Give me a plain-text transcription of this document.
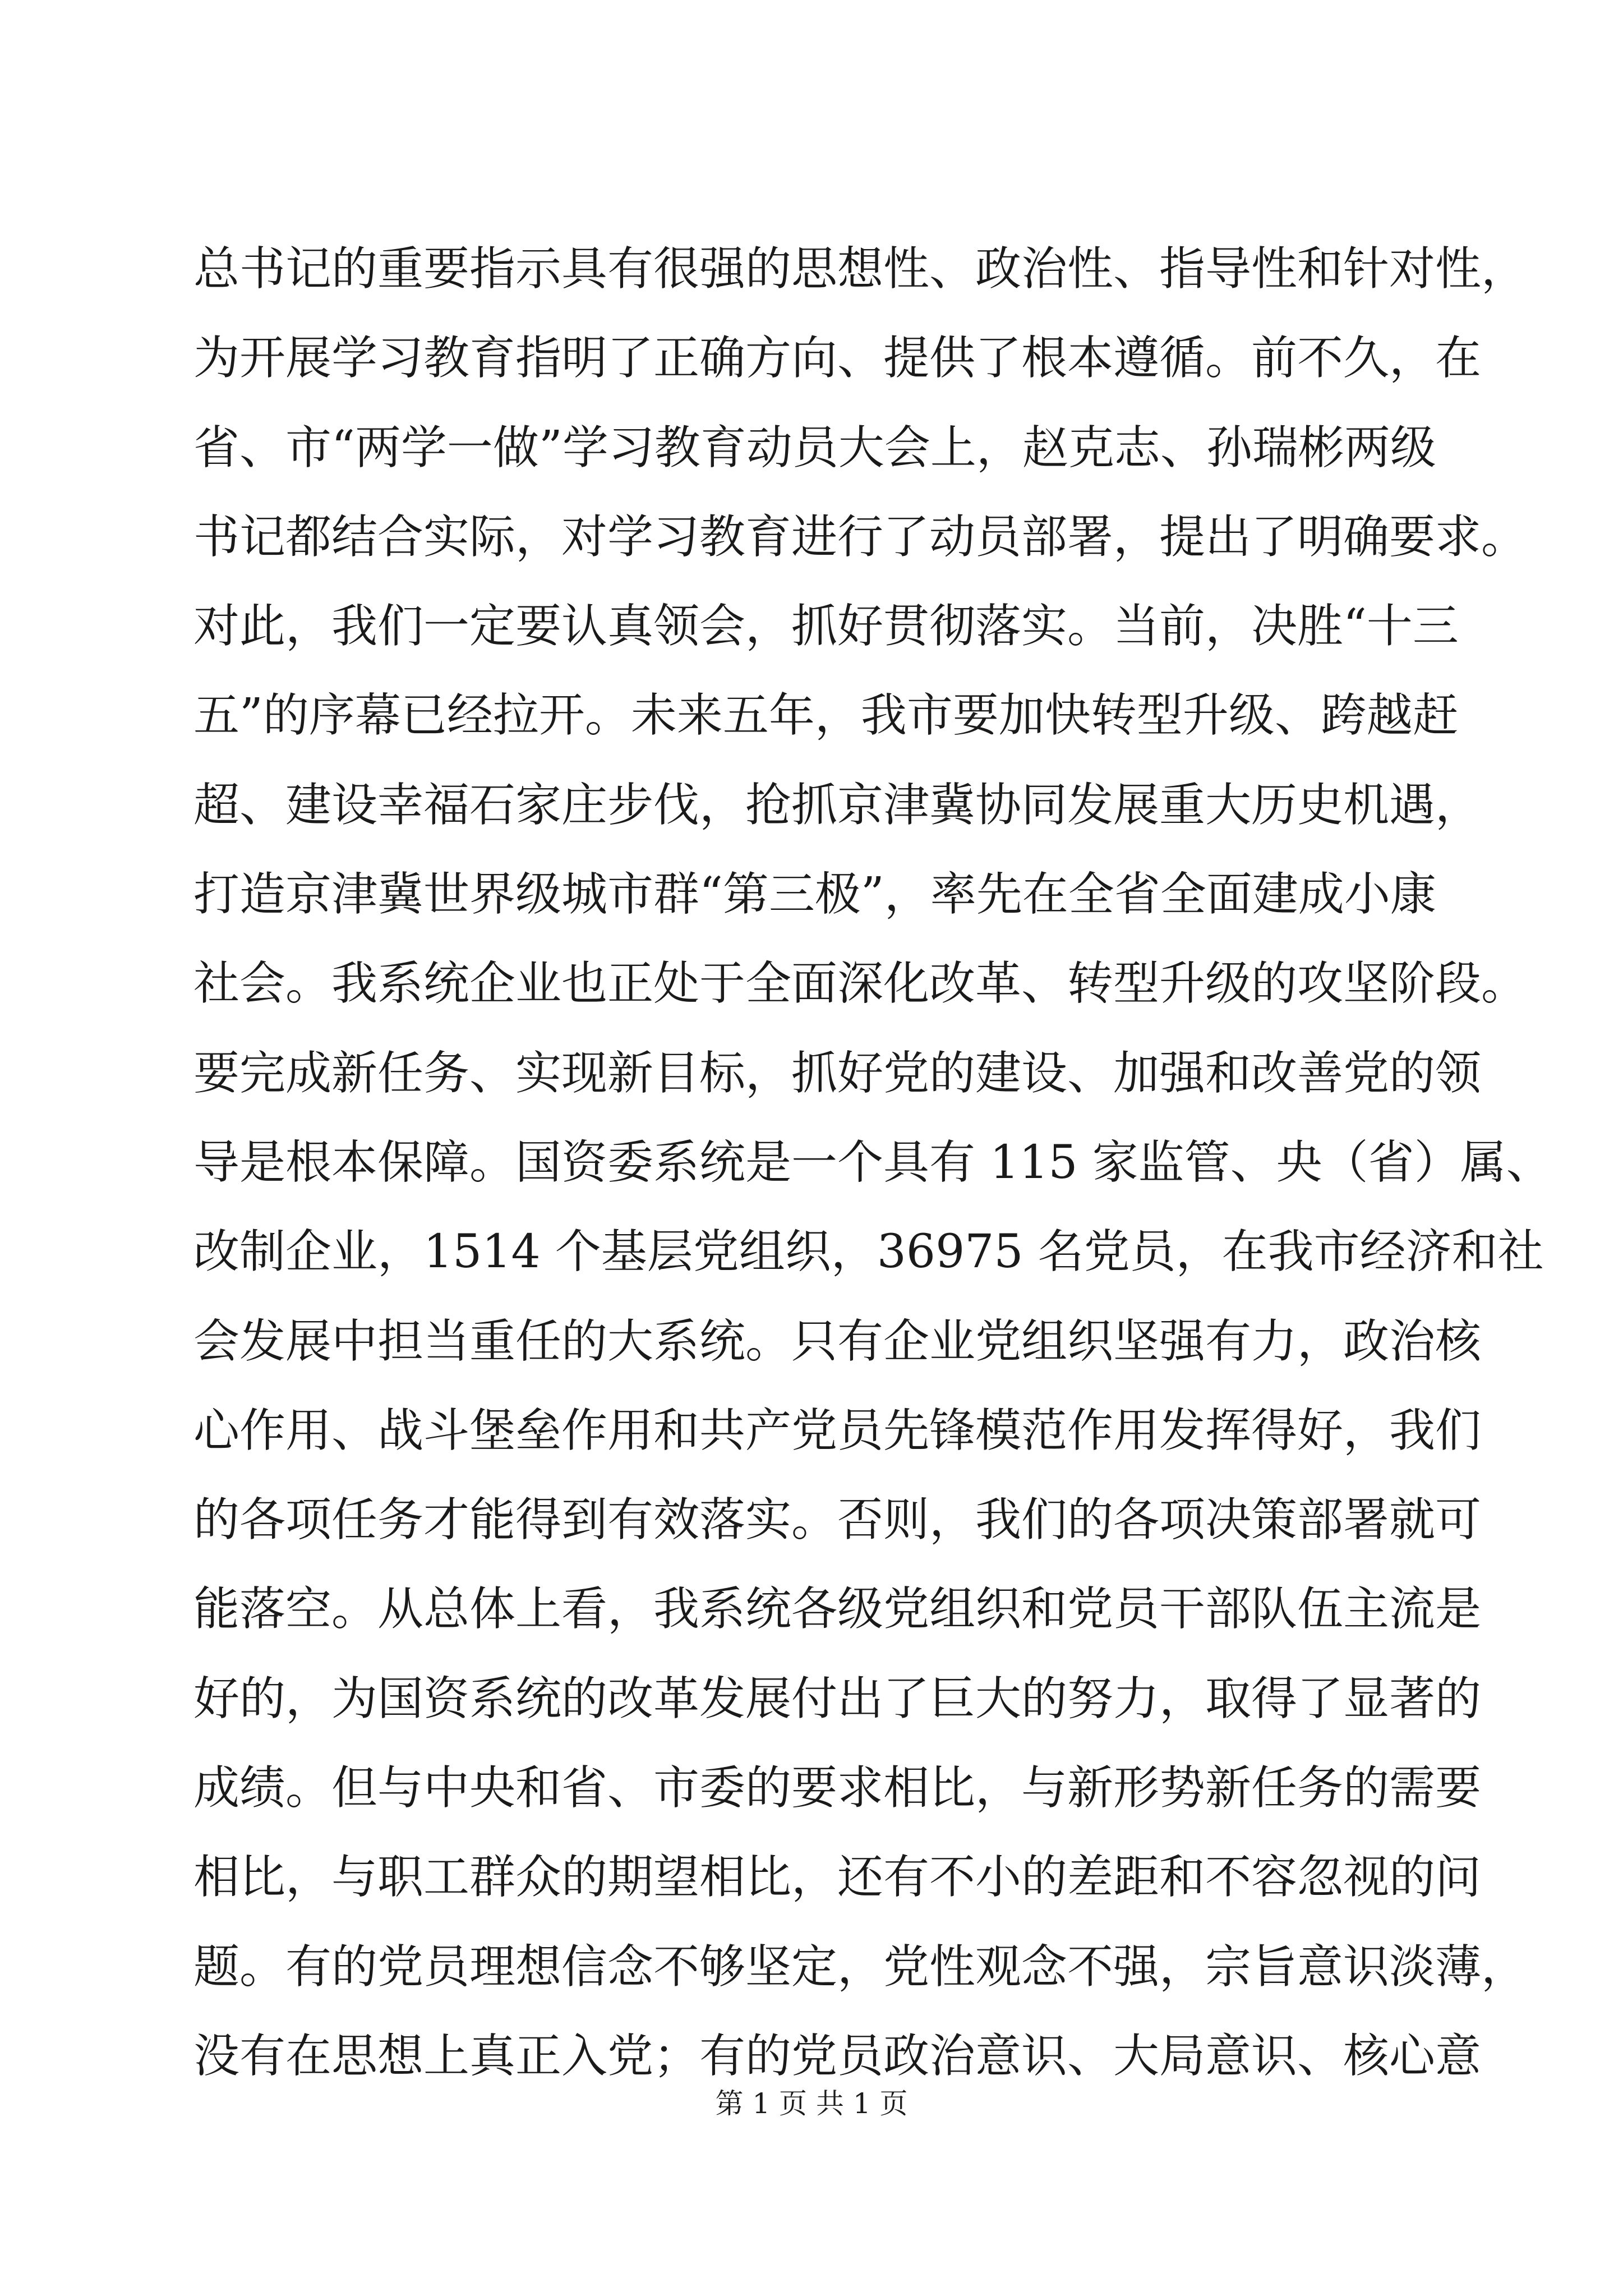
总书记的重要指示具有很强的思想性、政治性、指导性和针对性，
为开展学习教育指明了正确方向、提供了根本遵循。前不久，在
省、市“两学一做”学习教育动员大会上，赵克志、孙瑞彬两级
书记都结合实际，对学习教育进行了动员部署，提出了明确要求。
对此，我们一定要认真领会，抓好贯彻落实。当前，决胜“十三
五”的序幕已经拉开。未来五年，我市要加快转型升级、跨越赶
超、建设幸福石家庄步伐，抢抓京津冀协同发展重大历史机遇，
打造京津冀世界级城市群“第三极”，率先在全省全面建成小康
社会。我系统企业也正处于全面深化改革、转型升级的攻坚阶段。
要完成新任务、实现新目标，抓好党的建设、加强和改善党的领
导是根本保障。国资委系统是一个具有 115 家监管、央（省）属、
改制企业，1514 个基层党组织，36975 名党员，在我市经济和社
会发展中担当重任的大系统。只有企业党组织坚强有力，政治核
心作用、战斗堡垒作用和共产党员先锋模范作用发挥得好，我们
的各项任务才能得到有效落实。否则，我们的各项决策部署就可
能落空。从总体上看，我系统各级党组织和党员干部队伍主流是
好的，为国资系统的改革发展付出了巨大的努力，取得了显著的
成绩。但与中央和省、市委的要求相比，与新形势新任务的需要
相比，与职工群众的期望相比，还有不小的差距和不容忽视的问
题。有的党员理想信念不够坚定，党性观念不强，宗旨意识淡薄，
没有在思想上真正入党；有的党员政治意识、大局意识、核心意
第 1 页 共 1 页
